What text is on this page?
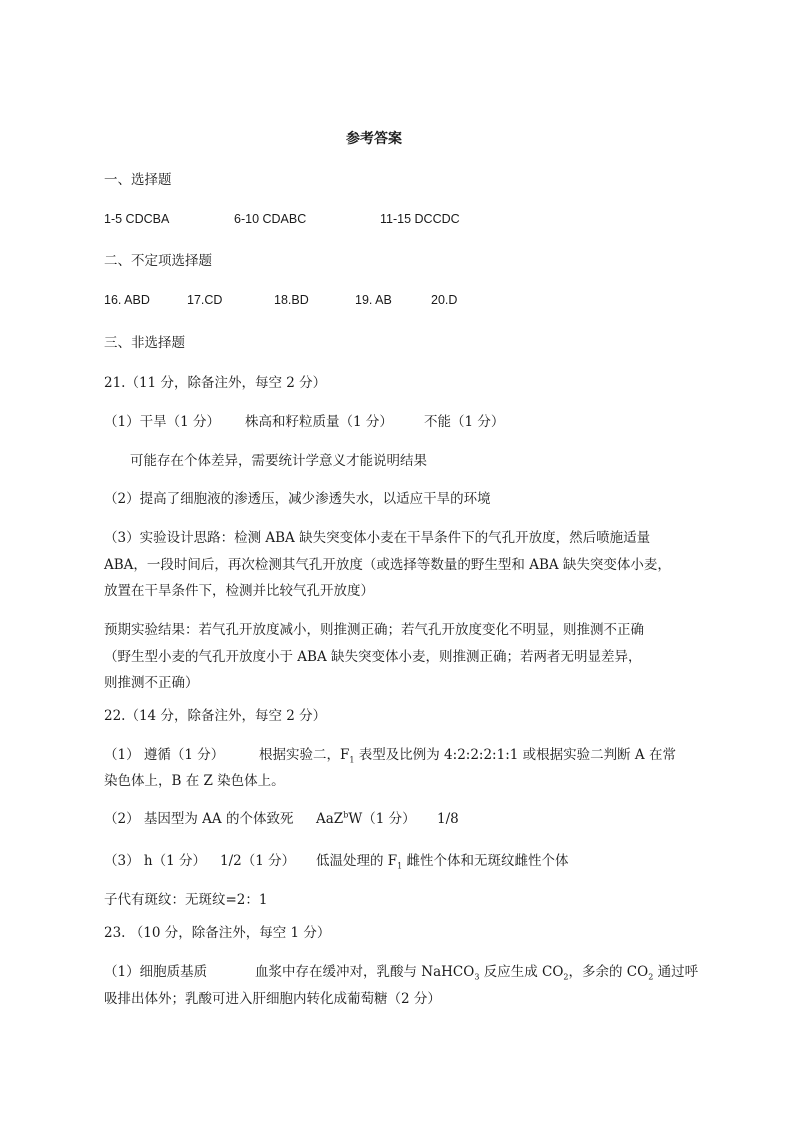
参考答案
一、选择题
1-5 CDCBA	6-10 CDABC	11-15 DCCDC
二、不定项选择题
16. ABD	17.CD	18.BD	19. AB	20.D
三、非选择题
21.（11 分，除备注外，每空 2 分）
（1）干旱（1 分） 株高和籽粒质量（1 分） 不能（1 分）
可能存在个体差异，需要统计学意义才能说明结果
（2）提高了细胞液的渗透压，减少渗透失水，以适应干旱的环境
（3）实验设计思路：检测 ABA 缺失突变体小麦在干旱条件下的气孔开放度，然后喷施适量
ABA，一段时间后，再次检测其气孔开放度（或选择等数量的野生型和 ABA 缺失突变体小麦，
放置在干旱条件下，检测并比较气孔开放度）
预期实验结果：若气孔开放度减小，则推测正确；若气孔开放度变化不明显，则推测不正确
（野生型小麦的气孔开放度小于 ABA 缺失突变体小麦，则推测正确；若两者无明显差异，
则推测不正确）
22.（14 分，除备注外，每空 2 分）
（1） 遵循（1 分）	根据实验二，$F_1$ 表型及比例为 4:2:2:2:1:1 或根据实验二判断 A 在常
染色体上，B 在 Z 染色体上。
（2） 基因型为 AA 的个体致死 AaZ$^b$W（1 分） 1/8
（3） h（1 分） 1/2（1 分） 低温处理的 $F_1$ 雌性个体和无斑纹雌性个体
子代有斑纹：无斑纹=2：1
23. （10 分，除备注外，每空 1 分）
（1）细胞质基质	血浆中存在缓冲对，乳酸与 NaHCO$_3$ 反应生成 $CO_2$，多余的 $CO_2$ 通过呼
吸排出体外；乳酸可进入肝细胞内转化成葡萄糖（2 分）
